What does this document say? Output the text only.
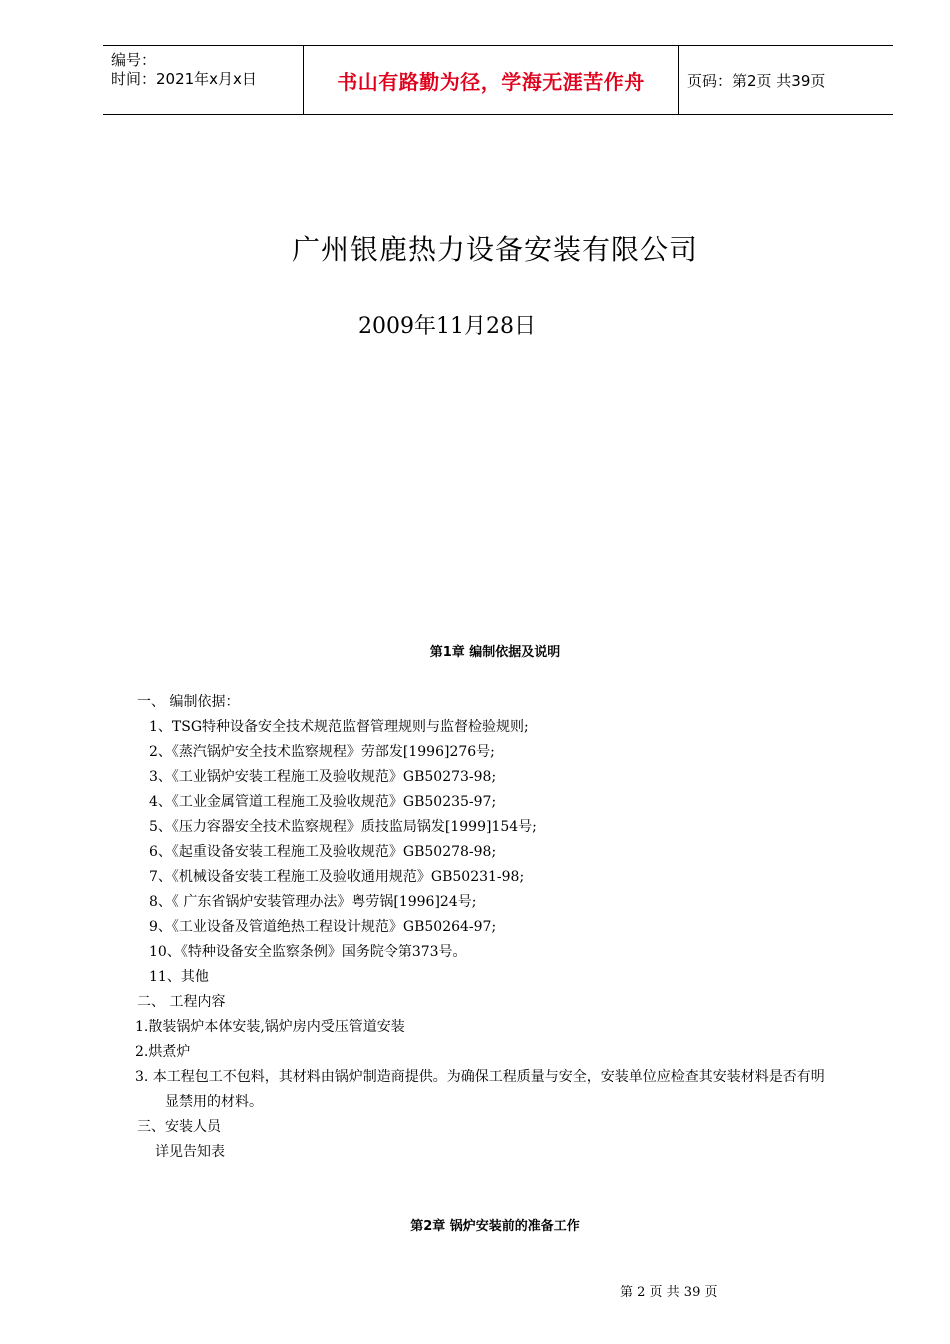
编号：
时间：2021年x月x日	书山有路勤为径，学海无涯苦作舟	页码：第2页 共39页
广州银鹿热力设备安装有限公司
2009年11月28日
第1章 编制依据及说明
一、 编制依据：
1、TSG特种设备安全技术规范监督管理规则与监督检验规则;
2、《蒸汽锅炉安全技术监察规程》劳部发[1996]276号;
3、《工业锅炉安装工程施工及验收规范》GB50273-98;
4、《工业金属管道工程施工及验收规范》GB50235-97;
5、《压力容器安全技术监察规程》质技监局锅发[1999]154号;
6、《起重设备安装工程施工及验收规范》GB50278-98;
7、《机械设备安装工程施工及验收通用规范》GB50231-98;
8、《 广东省锅炉安装管理办法》粤劳锅[1996]24号;
9、《工业设备及管道绝热工程设计规范》GB50264-97;
10、《特种设备安全监察条例》国务院令第373号。
11、其他
二、 工程内容
1.散装锅炉本体安装,锅炉房内受压管道安装
2.烘煮炉
3. 本工程包工不包料，其材料由锅炉制造商提供。为确保工程质量与安全，安装单位应检查其安装材料是否有明
显禁用的材料。
三、安装人员
详见告知表
第2章 锅炉安装前的准备工作
第 2 页 共 39 页
